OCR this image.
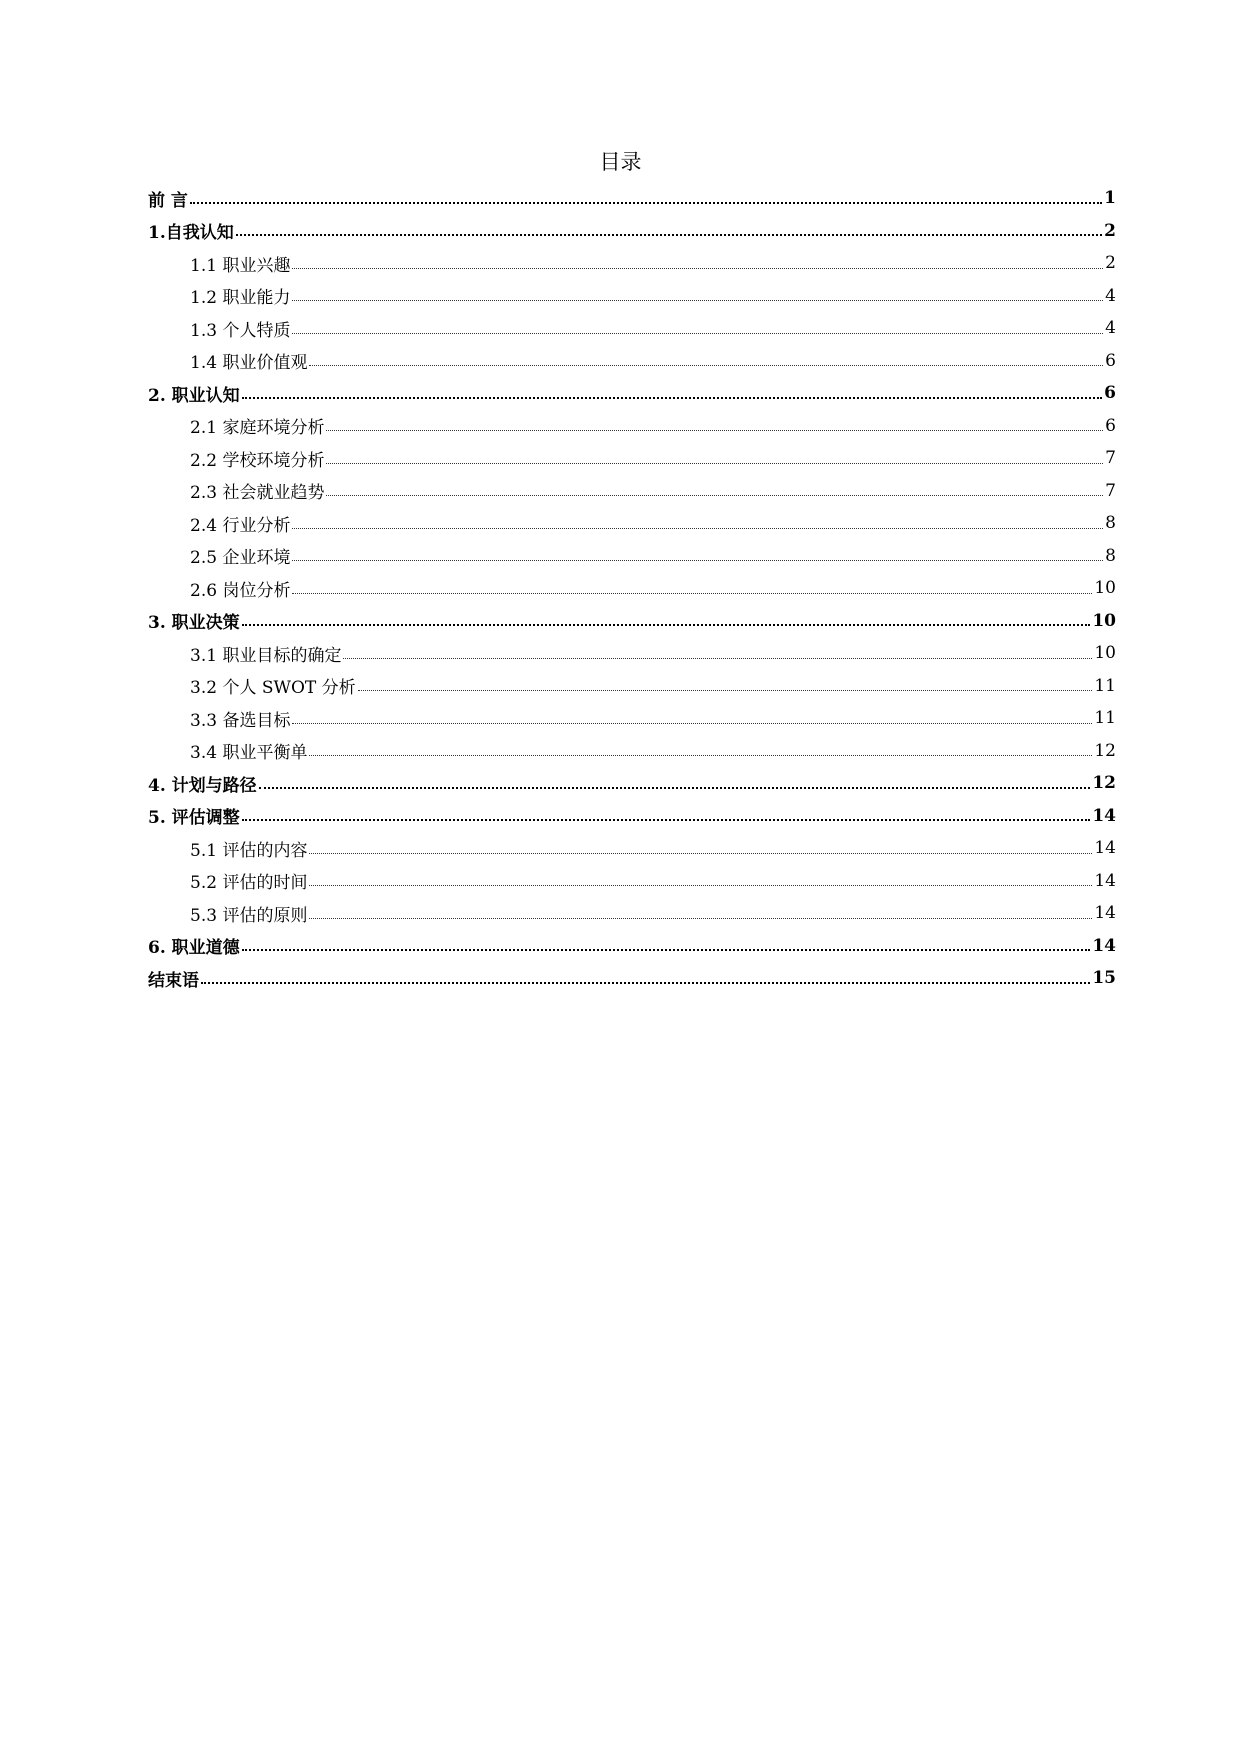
目录
前 言	1
1.自我认知	2
1.1 职业兴趣	2
1.2 职业能力	4
1.3 个人特质	4
1.4 职业价值观	6
2. 职业认知	6
2.1 家庭环境分析	6
2.2 学校环境分析	7
2.3 社会就业趋势	7
2.4 行业分析	8
2.5 企业环境	8
2.6 岗位分析	10
3. 职业决策	10
3.1 职业目标的确定	10
3.2 个人 SWOT 分析	11
3.3 备选目标	11
3.4 职业平衡单	12
4. 计划与路径	12
5. 评估调整	14
5.1 评估的内容	14
5.2 评估的时间	14
5.3 评估的原则	14
6. 职业道德	14
结束语	15
